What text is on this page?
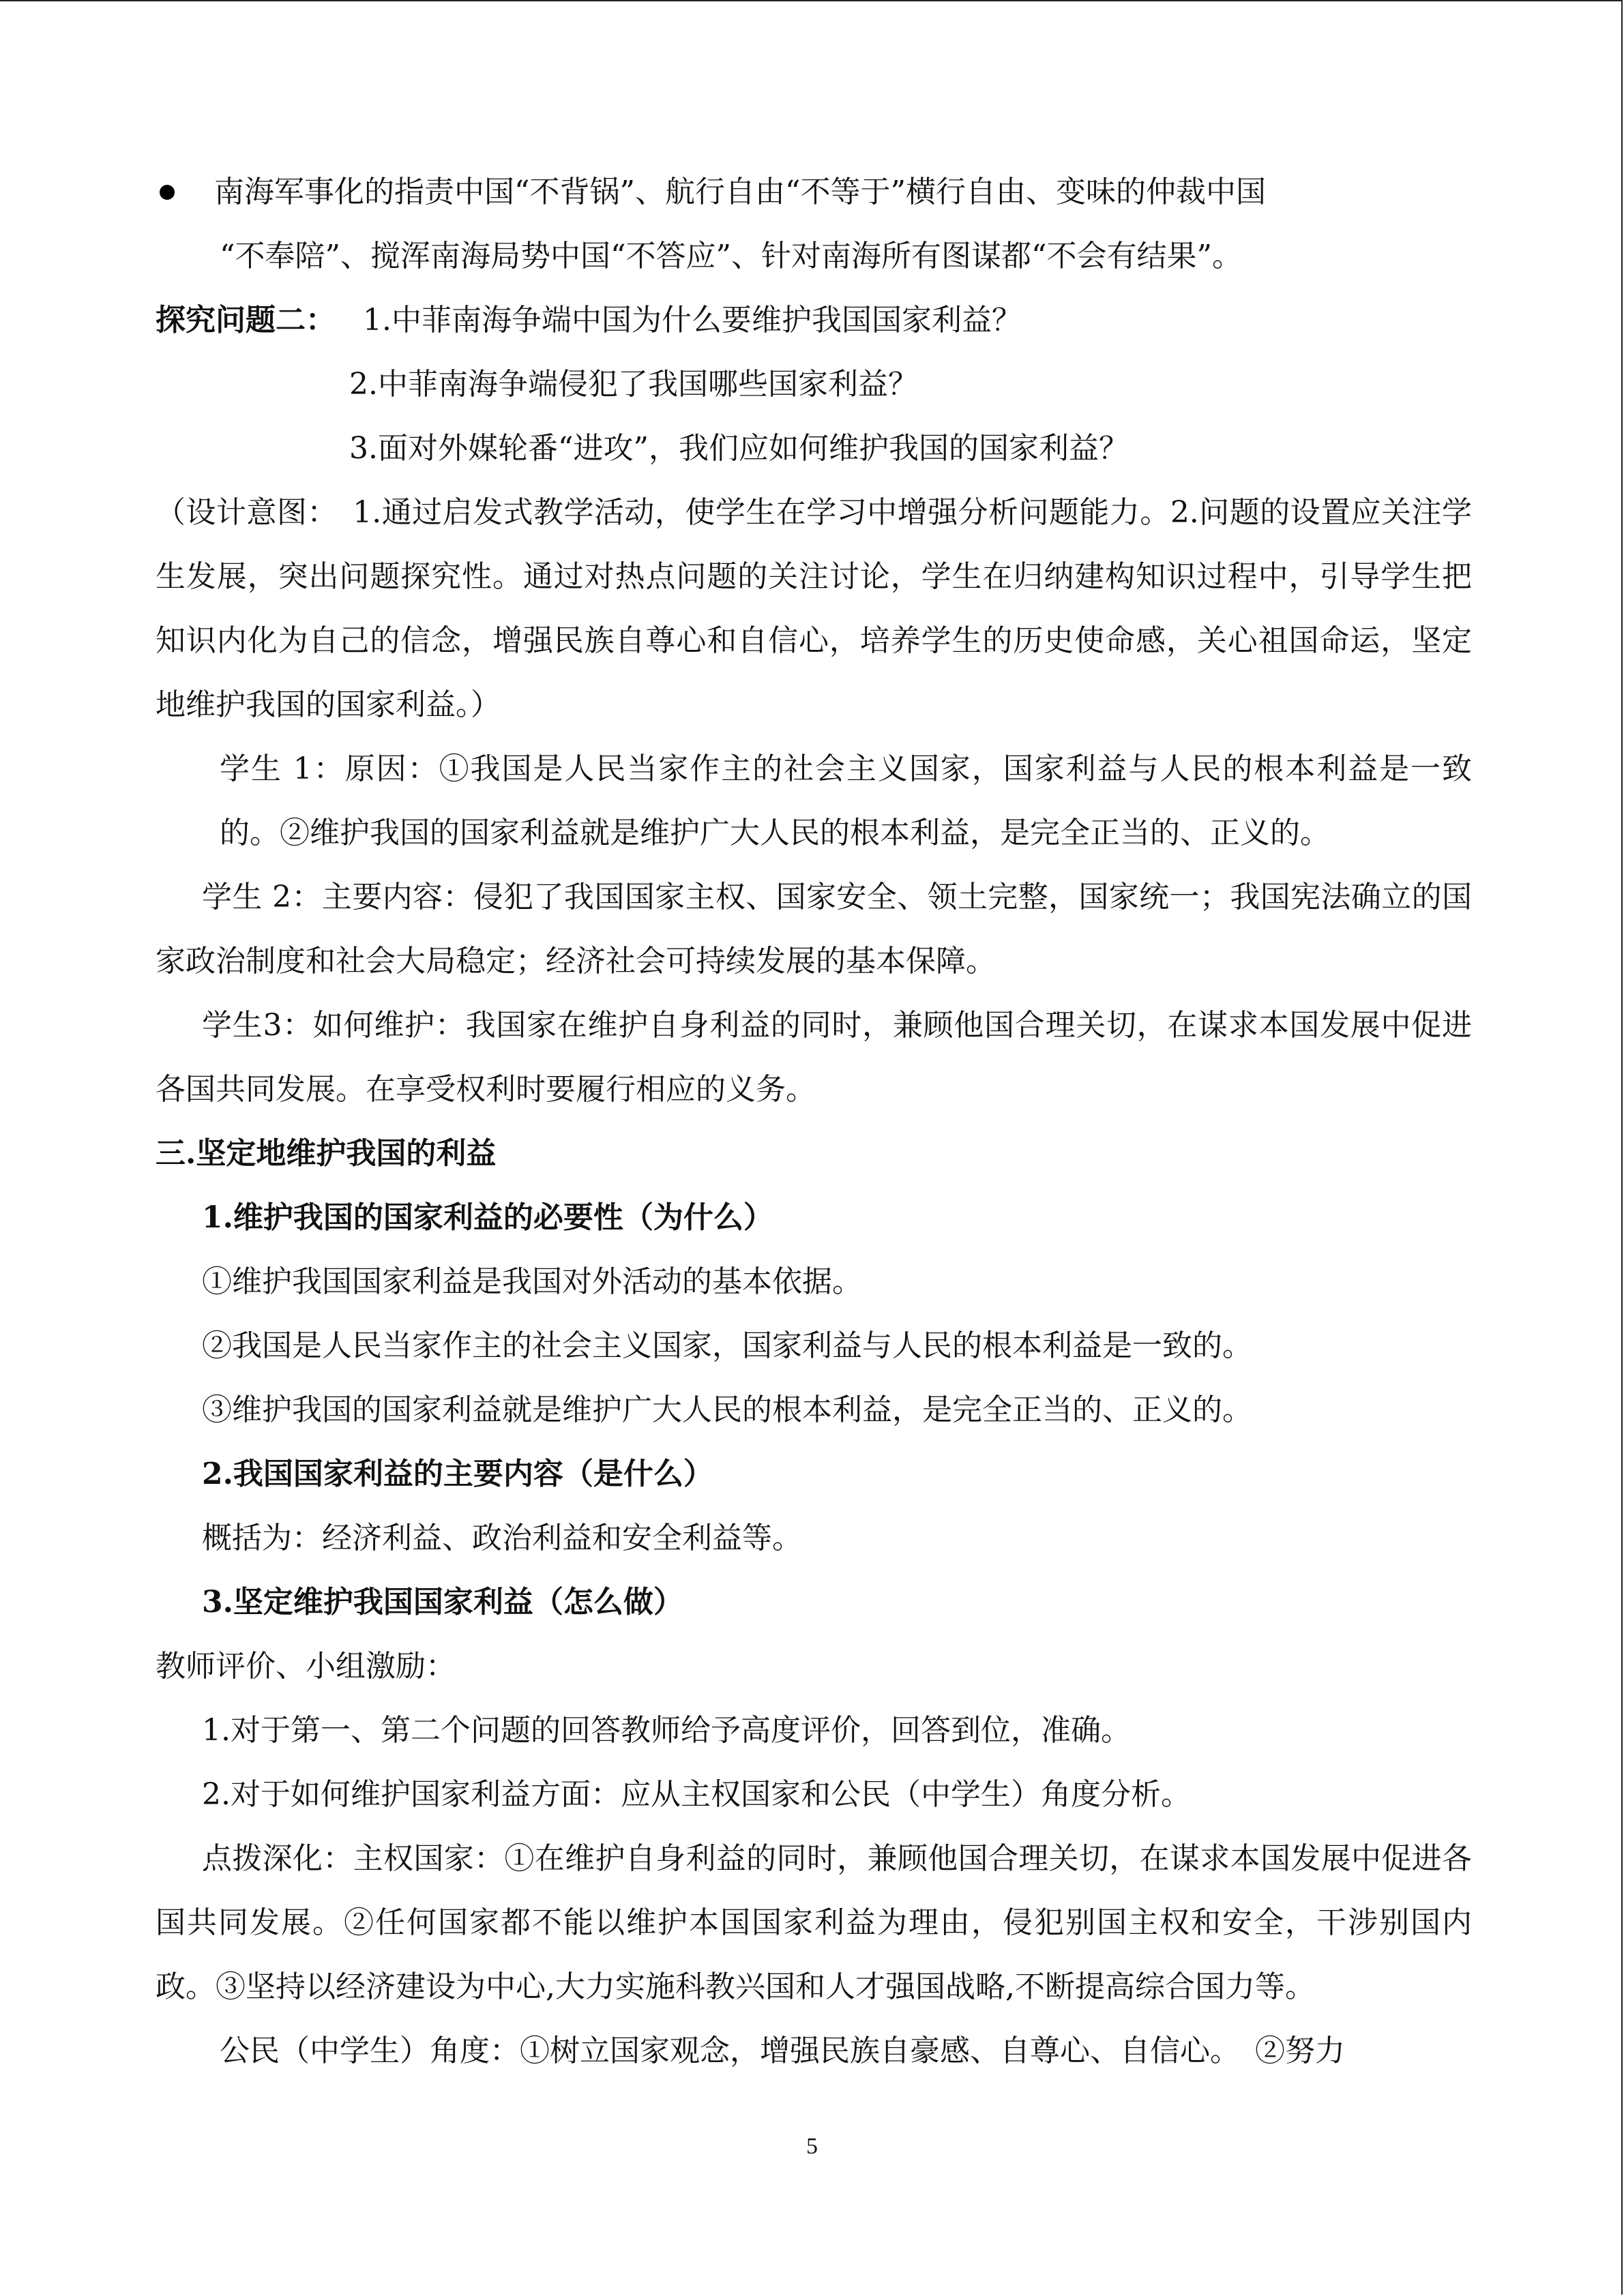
南海军事化的指责中国“不背锅”、航行自由“不等于”横行自由、变味的仲裁中国
“不奉陪”、搅浑南海局势中国“不答应”、针对南海所有图谋都“不会有结果”。
探究问题二： 1.中菲南海争端中国为什么要维护我国国家利益？
2.中菲南海争端侵犯了我国哪些国家利益？
3.面对外媒轮番“进攻”，我们应如何维护我国的国家利益？
（设计意图：　1.通过启发式教学活动，使学生在学习中增强分析问题能力。2.问题的设置应关注学生发展，突出问题探究性。通过对热点问题的关注讨论，学生在归纳建构知识过程中，引导学生把知识内化为自己的信念，增强民族自尊心和自信心，培养学生的历史使命感，关心祖国命运，坚定地维护我国的国家利益。）
学生 1：原因：①我国是人民当家作主的社会主义国家，国家利益与人民的根本利益是一致的。②维护我国的国家利益就是维护广大人民的根本利益，是完全正当的、正义的。
学生 2：主要内容：侵犯了我国国家主权、国家安全、领土完整，国家统一；我国宪法确立的国家政治制度和社会大局稳定；经济社会可持续发展的基本保障。
学生3：如何维护：我国家在维护自身利益的同时，兼顾他国合理关切，在谋求本国发展中促进各国共同发展。在享受权利时要履行相应的义务。
三.坚定地维护我国的利益
1.维护我国的国家利益的必要性（为什么）
①维护我国国家利益是我国对外活动的基本依据。
②我国是人民当家作主的社会主义国家，国家利益与人民的根本利益是一致的。
③维护我国的国家利益就是维护广大人民的根本利益，是完全正当的、正义的。
2.我国国家利益的主要内容（是什么）
概括为：经济利益、政治利益和安全利益等。
3.坚定维护我国国家利益（怎么做）
教师评价、小组激励：
1.对于第一、第二个问题的回答教师给予高度评价，回答到位，准确。
2.对于如何维护国家利益方面：应从主权国家和公民（中学生）角度分析。
点拨深化：主权国家：①在维护自身利益的同时，兼顾他国合理关切，在谋求本国发展中促进各国共同发展。②任何国家都不能以维护本国国家利益为理由，侵犯别国主权和安全，干涉别国内政。③坚持以经济建设为中心,大力实施科教兴国和人才强国战略,不断提高综合国力等。
公民（中学生）角度：①树立国家观念，增强民族自豪感、自尊心、自信心。　②努力
5
